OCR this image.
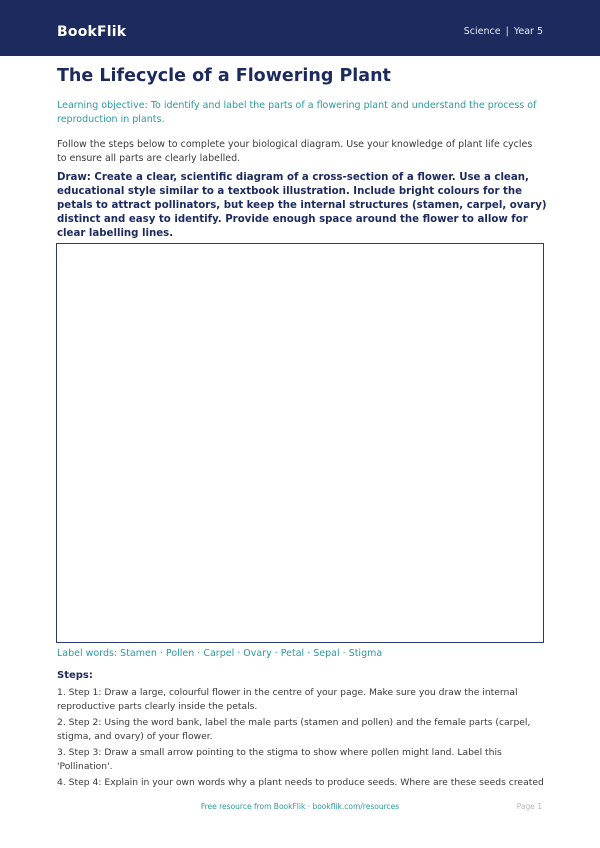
BookFlik	Science | Year 5
The Lifecycle of a Flowering Plant
Learning objective: To identify and label the parts of a flowering plant and understand the process of reproduction in plants.
Follow the steps below to complete your biological diagram. Use your knowledge of plant life cycles to ensure all parts are clearly labelled.
Draw: Create a clear, scientific diagram of a cross-section of a flower. Use a clean, educational style similar to a textbook illustration. Include bright colours for the petals to attract pollinators, but keep the internal structures (stamen, carpel, ovary) distinct and easy to identify. Provide enough space around the flower to allow for clear labelling lines.
Label words: Stamen · Pollen · Carpel · Ovary · Petal · Sepal · Stigma
Steps:
1. Step 1: Draw a large, colourful flower in the centre of your page. Make sure you draw the internal reproductive parts clearly inside the petals.
2. Step 2: Using the word bank, label the male parts (stamen and pollen) and the female parts (carpel, stigma, and ovary) of your flower.
3. Step 3: Draw a small arrow pointing to the stigma to show where pollen might land. Label this 'Pollination'.
4. Step 4: Explain in your own words why a plant needs to produce seeds. Where are these seeds created
Free resource from BookFlik · bookflik.com/resources	Page 1
